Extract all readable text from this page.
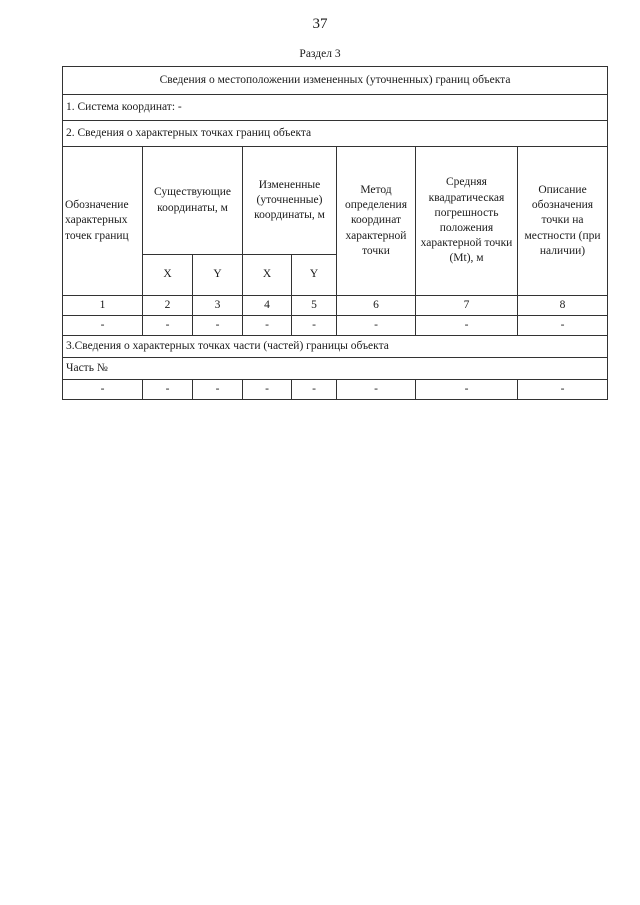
37
Раздел 3
Сведения о местоположении измененных (уточненных) границ объекта							
1. Система координат: -							
2. Сведения о характерных точках границ объекта							
Обозначение характерных точек границ	Существующие координаты, м		Измененные (уточненные) координаты, м		Метод определения координат характерной точки	Средняя квадратическая погрешность положения характерной точки (Mt), м	Описание обозначения точки на местности (при наличии)
	X	Y	X	Y			
1	2	3	4	5	6	7	8
-	-	-	-	-	-	-	-
3.Сведения о характерных точках части (частей) границы объекта							
Часть №							
-	-	-	-	-	-	-	-
